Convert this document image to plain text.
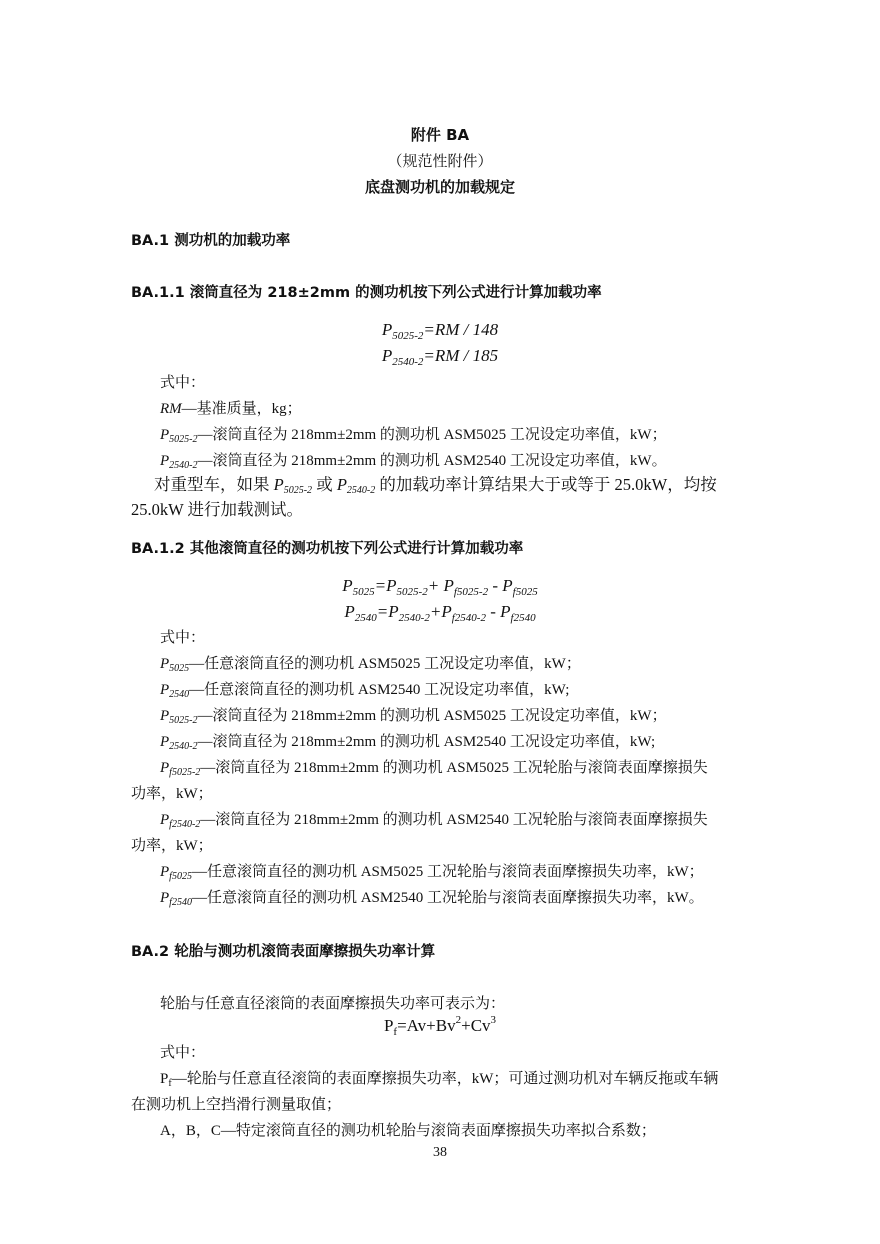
附件 BA
（规范性附件）
底盘测功机的加载规定
BA.1 测功机的加载功率
BA.1.1 滚筒直径为 218±2mm 的测功机按下列公式进行计算加载功率
$P_{5025-2}=RM / 148$
$P_{2540-2}=RM / 185$
式中：
RM—基准质量，kg；
$P_{5025-2}—$滚筒直径为 218mm±2mm 的测功机 ASM5025 工况设定功率值，kW；
$P_{2540-2}—$滚筒直径为 218mm±2mm 的测功机 ASM2540 工况设定功率值，kW。
对重型车，如果 $P_{5025-2}$ 或 $P_{2540-2}$ 的加载功率计算结果大于或等于 25.0kW，均按
25.0kW 进行加载测试。
BA.1.2 其他滚筒直径的测功机按下列公式进行计算加载功率
$P_{5025}=P_{5025-2}+ P_{f5025-2} - P_{f5025}$
$P_{2540}=P_{2540-2}+P_{f2540-2} - P_{f2540}$
式中：
$P_{5025}—$任意滚筒直径的测功机 ASM5025 工况设定功率值，kW；
$P_{2540}—$任意滚筒直径的测功机 ASM2540 工况设定功率值，kW;
$P_{5025-2}—$滚筒直径为 218mm±2mm 的测功机 ASM5025 工况设定功率值，kW；
$P_{2540-2}—$滚筒直径为 218mm±2mm 的测功机 ASM2540 工况设定功率值，kW;
$P_{f5025-2}—$滚筒直径为 218mm±2mm 的测功机 ASM5025 工况轮胎与滚筒表面摩擦损失
功率，kW；
$P_{f2540-2}—$滚筒直径为 218mm±2mm 的测功机 ASM2540 工况轮胎与滚筒表面摩擦损失
功率，kW；
$P_{f5025}—$任意滚筒直径的测功机 ASM5025 工况轮胎与滚筒表面摩擦损失功率，kW；
$P_{f2540}—$任意滚筒直径的测功机 ASM2540 工况轮胎与滚筒表面摩擦损失功率，kW。
BA.2 轮胎与测功机滚筒表面摩擦损失功率计算
轮胎与任意直径滚筒的表面摩擦损失功率可表示为：
$P_f=Av+Bv^2+Cv^3$
式中：
$P_f—$轮胎与任意直径滚筒的表面摩擦损失功率，kW；可通过测功机对车辆反拖或车辆
在测功机上空挡滑行测量取值；
A，B，C—特定滚筒直径的测功机轮胎与滚筒表面摩擦损失功率拟合系数；
38
